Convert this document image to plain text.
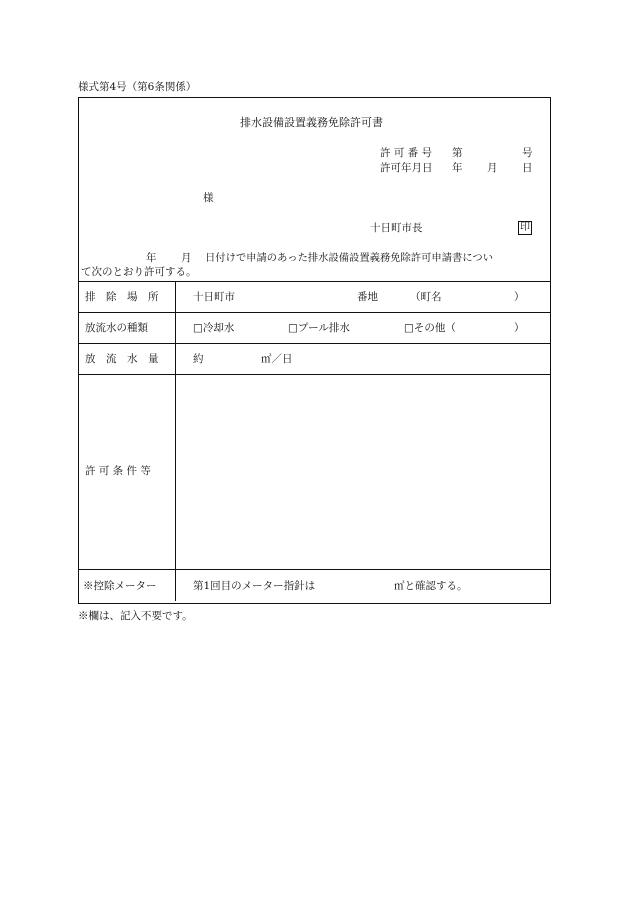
様式第4号（第6条関係）
排水設備設置義務免除許可書
許 可 番 号 第	号
許可年月日 年 月 日
様
十日町市長	印
年 月 日付けで申請のあった排水設備設置義務免除許可申請書につい
て次のとおり許可する。
排　除　場　所	十日町市	番地	（町名	）
放流水の種類 □	冷却水 □	プール排水 □	その他（	）
放　流　水　量	約	㎥／日
許 可 条 件 等
※控除メーター	第1回目のメーター指針は	㎥と確認する。
※欄は、記入不要です。
